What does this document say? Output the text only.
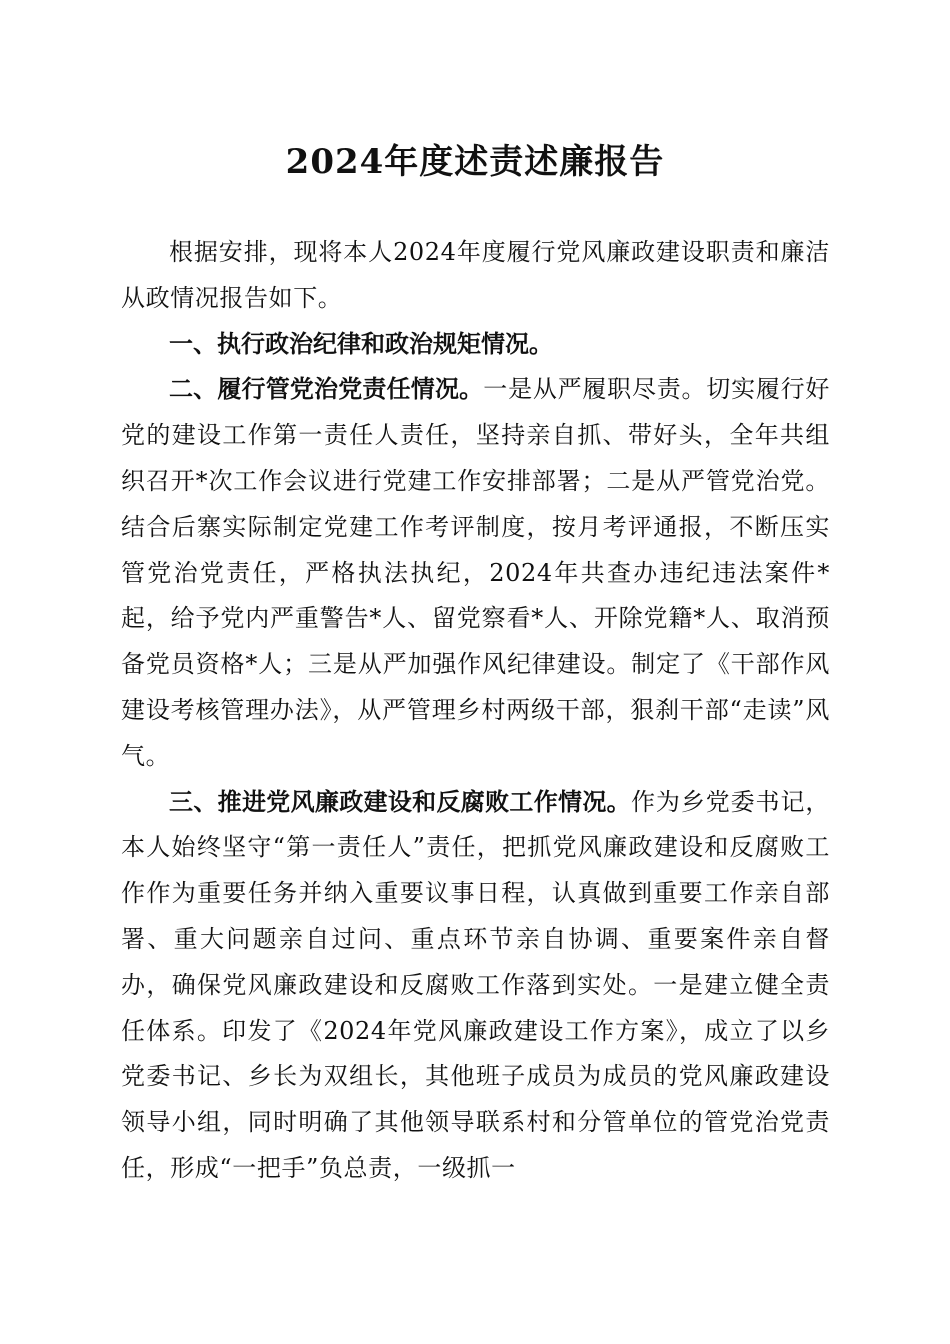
2024年度述责述廉报告

根据安排，现将本人2024年度履行党风廉政建设职责和廉洁从政情况报告如下。

一、执行政治纪律和政治规矩情况。

二、履行管党治党责任情况。一是从严履职尽责。切实履行好党的建设工作第一责任人责任，坚持亲自抓、带好头，全年共组织召开*次工作会议进行党建工作安排部署；二是从严管党治党。结合后寨实际制定党建工作考评制度，按月考评通报，不断压实管党治党责任，严格执法执纪，2024年共查办违纪违法案件*起，给予党内严重警告*人、留党察看*人、开除党籍*人、取消预备党员资格*人；三是从严加强作风纪律建设。制定了《干部作风建设考核管理办法》，从严管理乡村两级干部，狠刹干部“走读”风气。

三、推进党风廉政建设和反腐败工作情况。作为乡党委书记，本人始终坚守“第一责任人”责任，把抓党风廉政建设和反腐败工作作为重要任务并纳入重要议事日程，认真做到重要工作亲自部署、重大问题亲自过问、重点环节亲自协调、重要案件亲自督办，确保党风廉政建设和反腐败工作落到实处。一是建立健全责任体系。印发了《2024年党风廉政建设工作方案》，成立了以乡党委书记、乡长为双组长，其他班子成员为成员的党风廉政建设领导小组，同时明确了其他领导联系村和分管单位的管党治党责任，形成“一把手”负总责，一级抓一
